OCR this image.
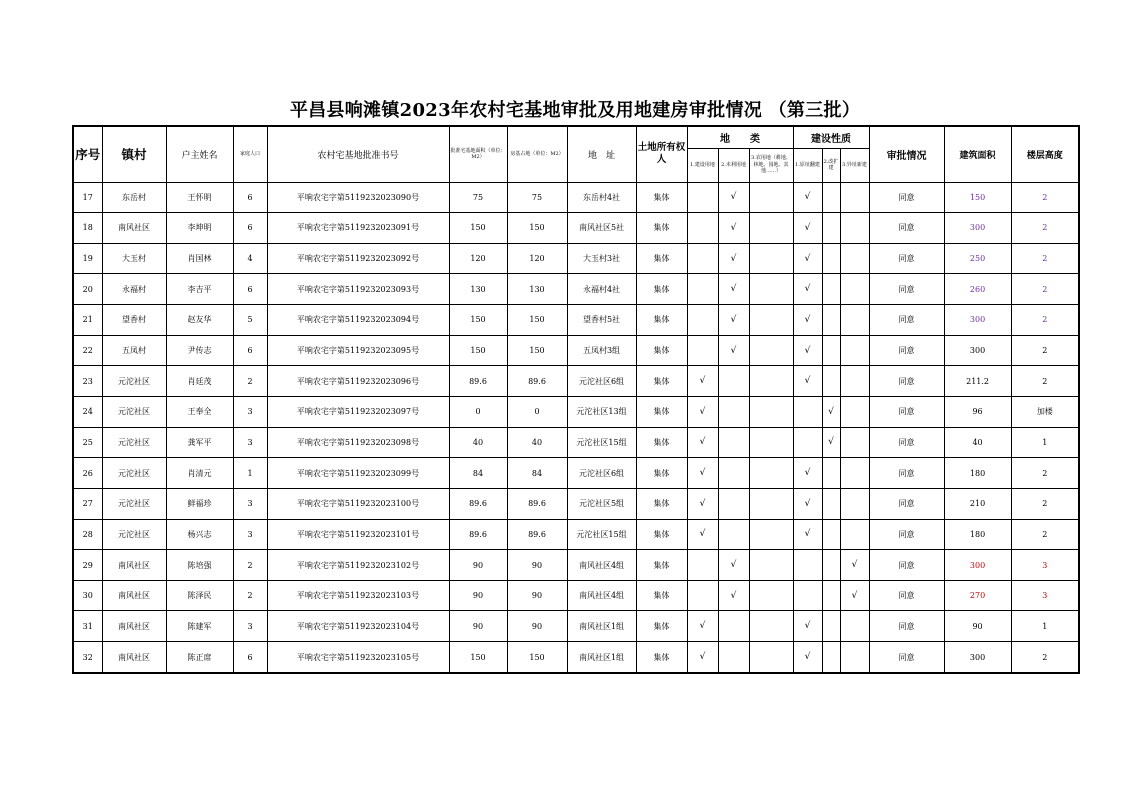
平昌县响滩镇2023年农村宅基地审批及用地建房审批情况 （第三批）
序号	镇村	户主姓名	家庭人口	农村宅基地批准书号	批准宅基地面积（单位：M2）	房基占地（单位：M2）	地　址	土地所有权人	地　　类			建设性质			审批情况	建筑面积	楼层高度
									1.建设用地	2.未利用地	3.农用地（耕地、林地、园地、其他……）	1.原址翻建	2.改扩建	3.异址新建			
17	东岳村	王怀明	6	平响农宅字第5119232023090号	75	75	东岳村4社	集体		√		√			同意	150	2
18	南风社区	李坤明	6	平响农宅字第5119232023091号	150	150	南风社区5社	集体		√		√			同意	300	2
19	大玉村	肖国林	4	平响农宅字第5119232023092号	120	120	大玉村3社	集体		√		√			同意	250	2
20	永福村	李吉平	6	平响农宅字第5119232023093号	130	130	永福村4社	集体		√		√			同意	260	2
21	望香村	赵友华	5	平响农宅字第5119232023094号	150	150	望香村5社	集体		√		√			同意	300	2
22	五凤村	尹传志	6	平响农宅字第5119232023095号	150	150	五凤村3组	集体		√		√			同意	300	2
23	元沱社区	肖廷茂	2	平响农宅字第5119232023096号	89.6	89.6	元沱社区6组	集体	√			√			同意	211.2	2
24	元沱社区	王奉全	3	平响农宅字第5119232023097号	0	0	元沱社区13组	集体	√				√		同意	96	加楼
25	元沱社区	龚军平	3	平响农宅字第5119232023098号	40	40	元沱社区15组	集体	√				√		同意	40	1
26	元沱社区	肖清元	1	平响农宅字第5119232023099号	84	84	元沱社区6组	集体	√			√			同意	180	2
27	元沱社区	鲜福珍	3	平响农宅字第5119232023100号	89.6	89.6	元沱社区5组	集体	√			√			同意	210	2
28	元沱社区	杨兴志	3	平响农宅字第5119232023101号	89.6	89.6	元沱社区15组	集体	√			√			同意	180	2
29	南风社区	陈培强	2	平响农宅字第5119232023102号	90	90	南风社区4组	集体		√				√	同意	300	3
30	南风社区	陈泽民	2	平响农宅字第5119232023103号	90	90	南风社区4组	集体		√				√	同意	270	3
31	南风社区	陈建军	3	平响农宅字第5119232023104号	90	90	南风社区1组	集体	√			√			同意	90	1
32	南风社区	陈正席	6	平响农宅字第5119232023105号	150	150	南风社区1组	集体	√			√			同意	300	2
